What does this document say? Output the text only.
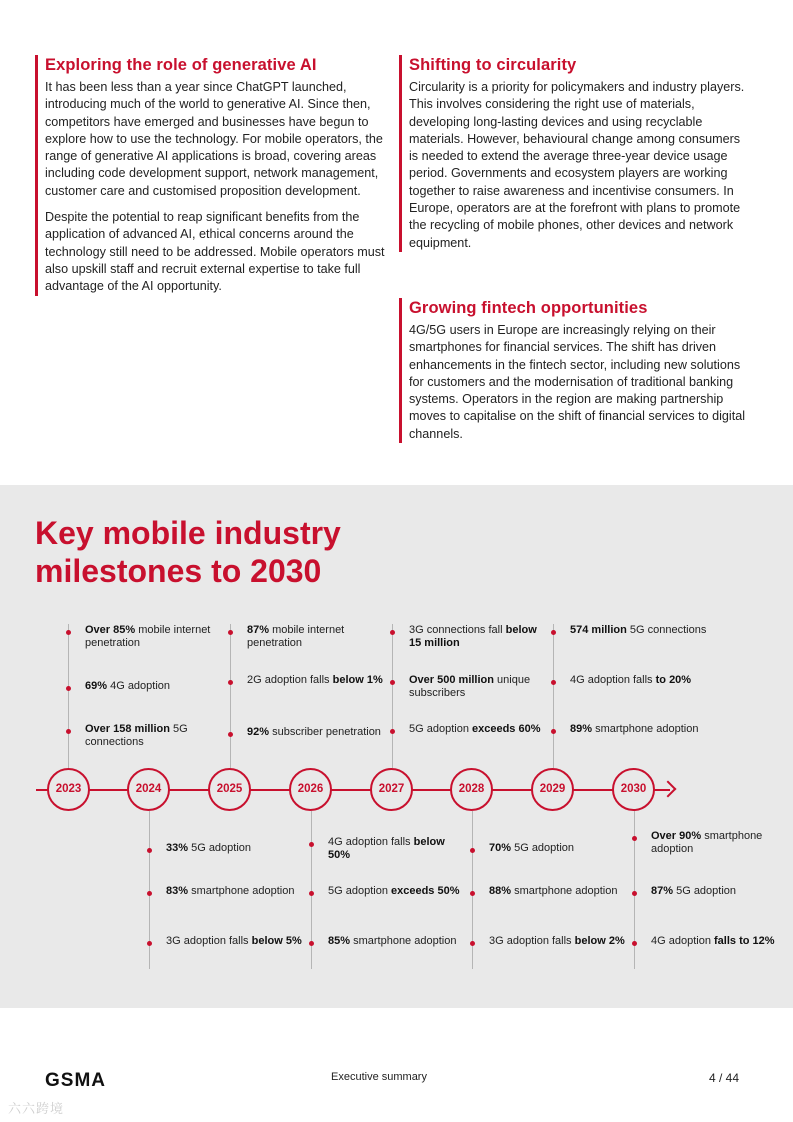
Exploring the role of generative AI

It has been less than a year since ChatGPT launched, introducing much of the world to generative AI. Since then, competitors have emerged and businesses have begun to explore how to use the technology. For mobile operators, the range of generative AI applications is broad, covering areas including code development support, network management, customer care and customised proposition development.

Despite the potential to reap significant benefits from the application of advanced AI, ethical concerns around the technology still need to be addressed. Mobile operators must also upskill staff and recruit external expertise to take full advantage of the AI opportunity.

Shifting to circularity

Circularity is a priority for policymakers and industry players. This involves considering the right use of materials, developing long-lasting devices and using recyclable materials. However, behavioural change among consumers is needed to extend the average three-year device usage period. Governments and ecosystem players are working together to raise awareness and incentivise consumers. In Europe, operators are at the forefront with plans to promote the recycling of mobile phones, other devices and network equipment.

Growing fintech opportunities

4G/5G users in Europe are increasingly relying on their smartphones for financial services. The shift has driven enhancements in the fintech sector, including new solutions for customers and the modernisation of traditional banking systems. Operators in the region are making partnership moves to capitalise on the shift of financial services to digital channels.

Key mobile industry
milestones to 2030
Over 85% mobile internet penetration
69% 4G adoption
Over 158 million 5G connections
87% mobile internet penetration
2G adoption falls below 1%
92% subscriber penetration
3G connections fall below 15 million
Over 500 million unique subscribers
5G adoption exceeds 60%
574 million 5G connections
4G adoption falls to 20%
89% smartphone adoption
2023	2024	2025	2026	2027	2028	2029	2030
33% 5G adoption
83% smartphone adoption
3G adoption falls below 5%
4G adoption falls below 50%
5G adoption exceeds 50%
85% smartphone adoption
70% 5G adoption
88% smartphone adoption
3G adoption falls below 2%
Over 90% smartphone adoption
87% 5G adoption
4G adoption falls to 12%
GSMA	Executive summary	4 / 44
六六跨境
